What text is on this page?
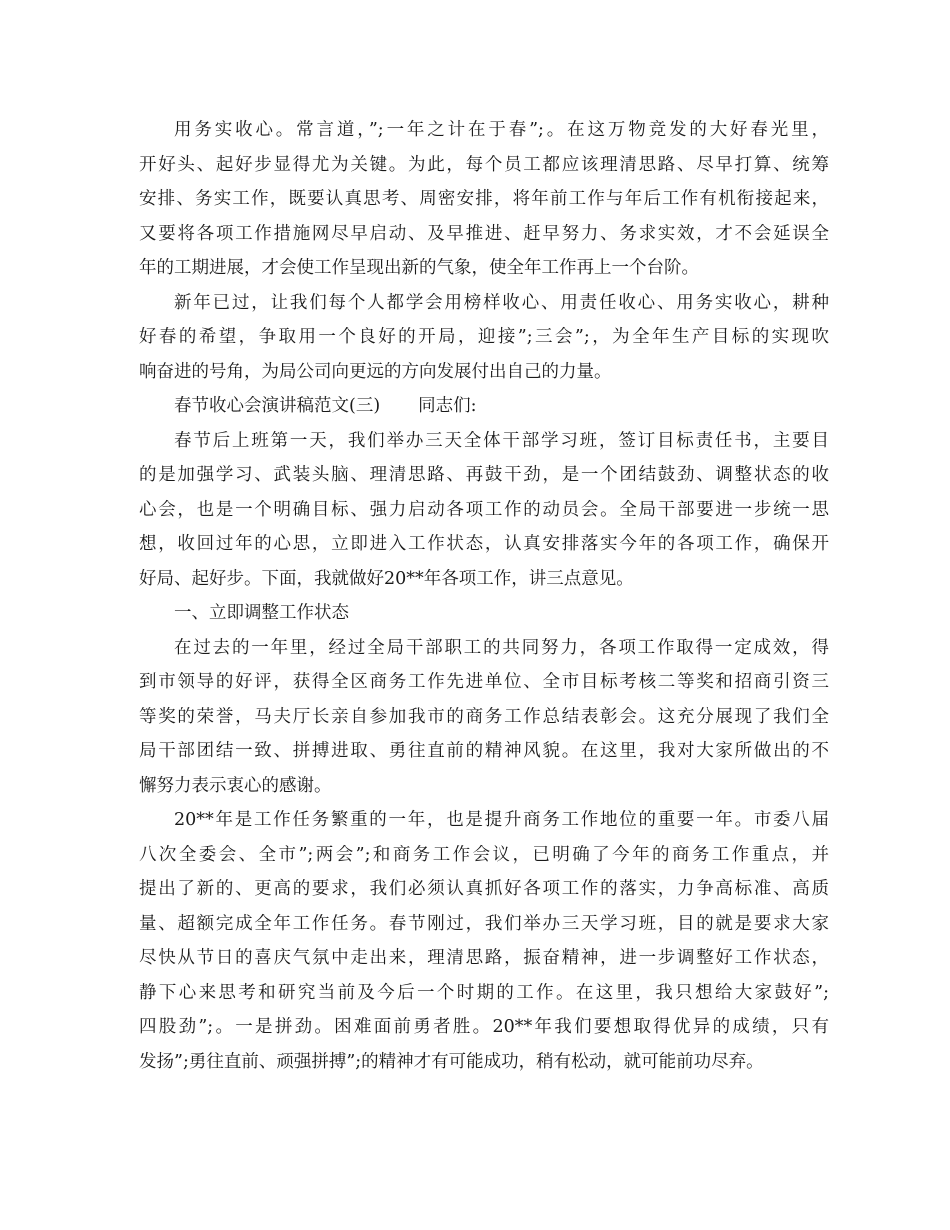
用务实收心。常言道，”;一年之计在于春”;。在这万物竞发的大好春光里，
开好头、起好步显得尤为关键。为此，每个员工都应该理清思路、尽早打算、统筹
安排、务实工作，既要认真思考、周密安排，将年前工作与年后工作有机衔接起来，
又要将各项工作措施网尽早启动、及早推进、赶早努力、务求实效，才不会延误全
年的工期进展，才会使工作呈现出新的气象，使全年工作再上一个台阶。
新年已过，让我们每个人都学会用榜样收心、用责任收心、用务实收心，耕种
好春的希望，争取用一个良好的开局，迎接”;三会”;，为全年生产目标的实现吹
响奋进的号角，为局公司向更远的方向发展付出自己的力量。
春节收心会演讲稿范文(三) 同志们:
春节后上班第一天，我们举办三天全体干部学习班，签订目标责任书，主要目
的是加强学习、武装头脑、理清思路、再鼓干劲，是一个团结鼓劲、调整状态的收
心会，也是一个明确目标、强力启动各项工作的动员会。全局干部要进一步统一思
想，收回过年的心思，立即进入工作状态，认真安排落实今年的各项工作，确保开
好局、起好步。下面，我就做好20**年各项工作，讲三点意见。
一、立即调整工作状态
在过去的一年里，经过全局干部职工的共同努力，各项工作取得一定成效，得
到市领导的好评，获得全区商务工作先进单位、全市目标考核二等奖和招商引资三
等奖的荣誉，马夫厅长亲自参加我市的商务工作总结表彰会。这充分展现了我们全
局干部团结一致、拼搏进取、勇往直前的精神风貌。在这里，我对大家所做出的不
懈努力表示衷心的感谢。
20**年是工作任务繁重的一年，也是提升商务工作地位的重要一年。市委八届
八次全委会、全市”;两会”;和商务工作会议，已明确了今年的商务工作重点，并
提出了新的、更高的要求，我们必须认真抓好各项工作的落实，力争高标准、高质
量、超额完成全年工作任务。春节刚过，我们举办三天学习班，目的就是要求大家
尽快从节日的喜庆气氛中走出来，理清思路，振奋精神，进一步调整好工作状态，
静下心来思考和研究当前及今后一个时期的工作。在这里，我只想给大家鼓好”;
四股劲”;。一是拼劲。困难面前勇者胜。20**年我们要想取得优异的成绩，只有
发扬”;勇往直前、顽强拼搏”;的精神才有可能成功，稍有松动，就可能前功尽弃。
